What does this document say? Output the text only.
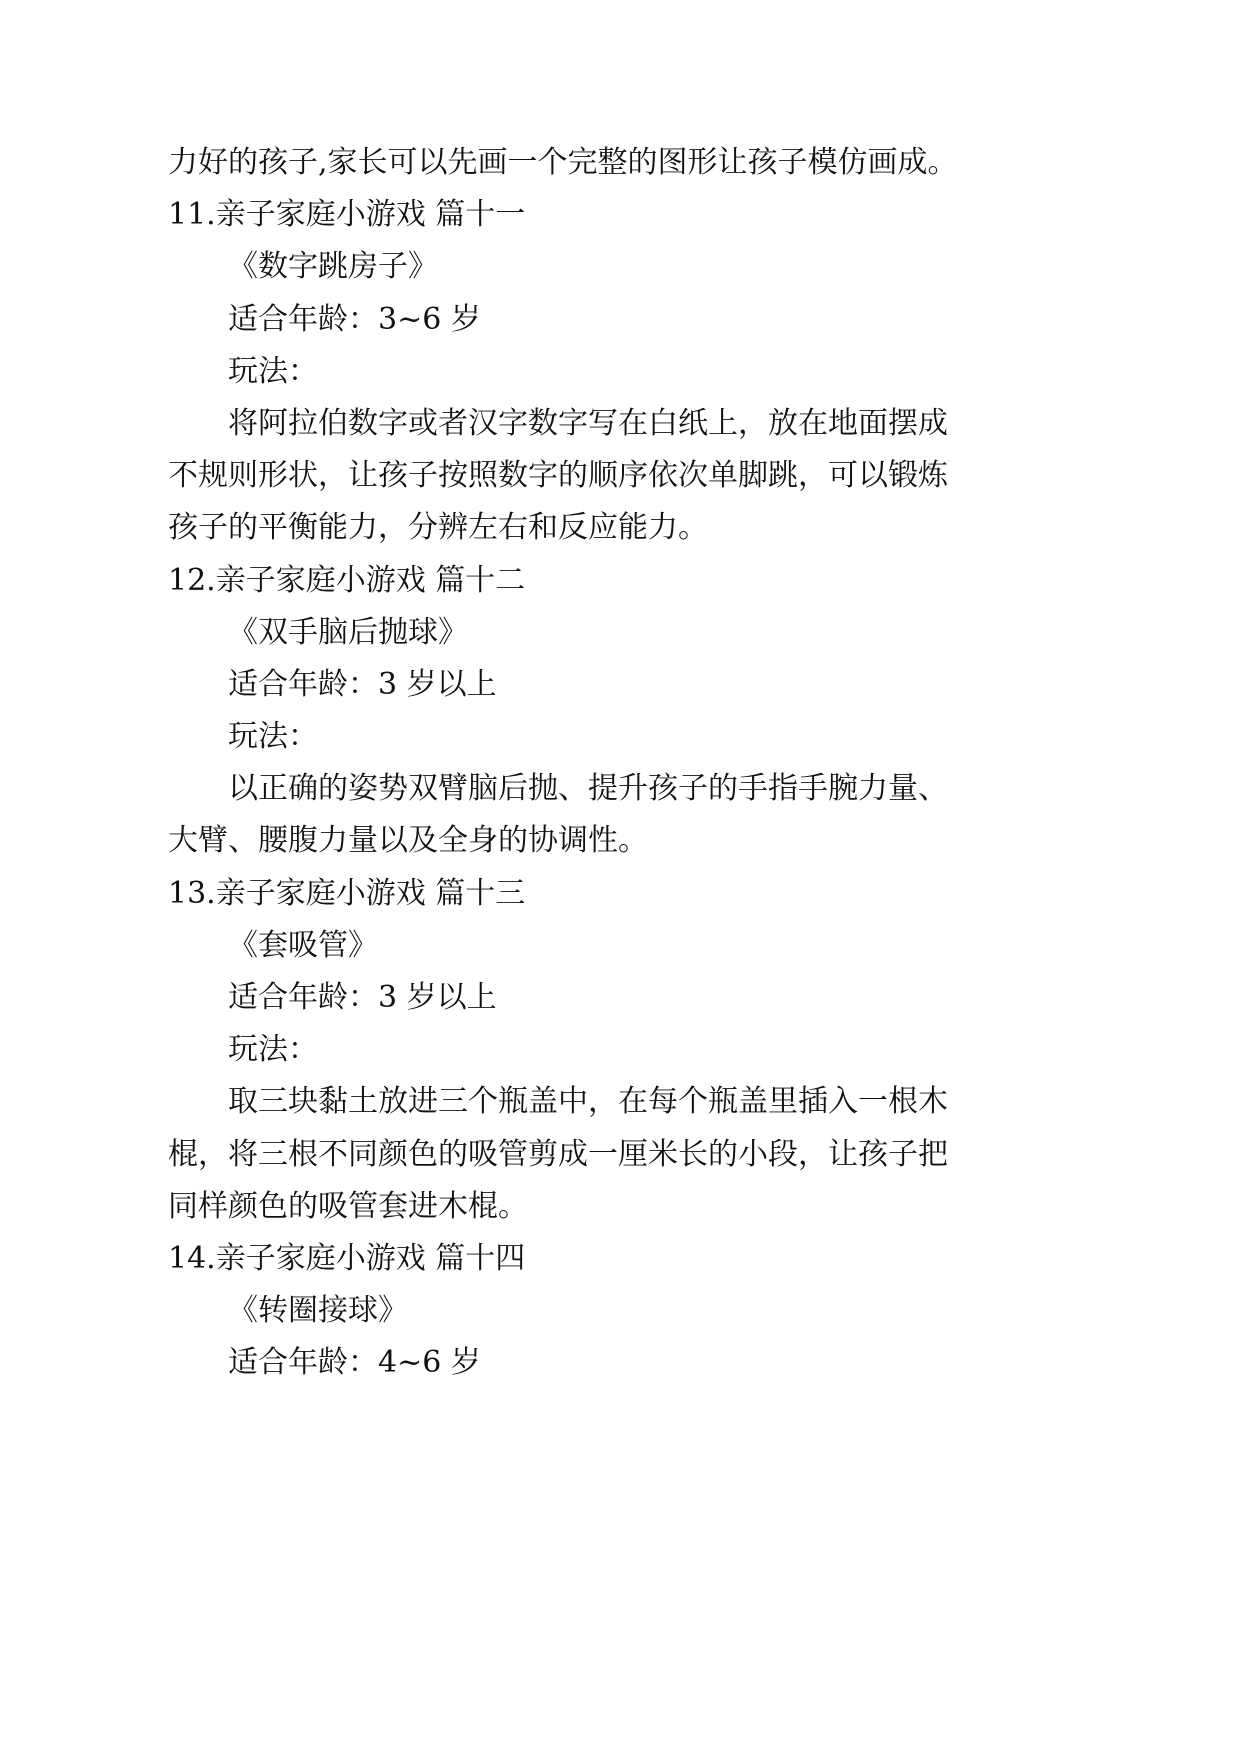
力好的孩子,家长可以先画一个完整的图形让孩子模仿画成。
11.亲子家庭小游戏 篇十一
《数字跳房子》
适合年龄：3~6 岁
玩法：
将阿拉伯数字或者汉字数字写在白纸上，放在地面摆成
不规则形状，让孩子按照数字的顺序依次单脚跳，可以锻炼
孩子的平衡能力，分辨左右和反应能力。
12.亲子家庭小游戏 篇十二
《双手脑后抛球》
适合年龄：3 岁以上
玩法：
以正确的姿势双臂脑后抛、提升孩子的手指手腕力量、
大臂、腰腹力量以及全身的协调性。
13.亲子家庭小游戏 篇十三
《套吸管》
适合年龄：3 岁以上
玩法：
取三块黏土放进三个瓶盖中，在每个瓶盖里插入一根木
棍，将三根不同颜色的吸管剪成一厘米长的小段，让孩子把
同样颜色的吸管套进木棍。
14.亲子家庭小游戏 篇十四
《转圈接球》
适合年龄：4~6 岁
